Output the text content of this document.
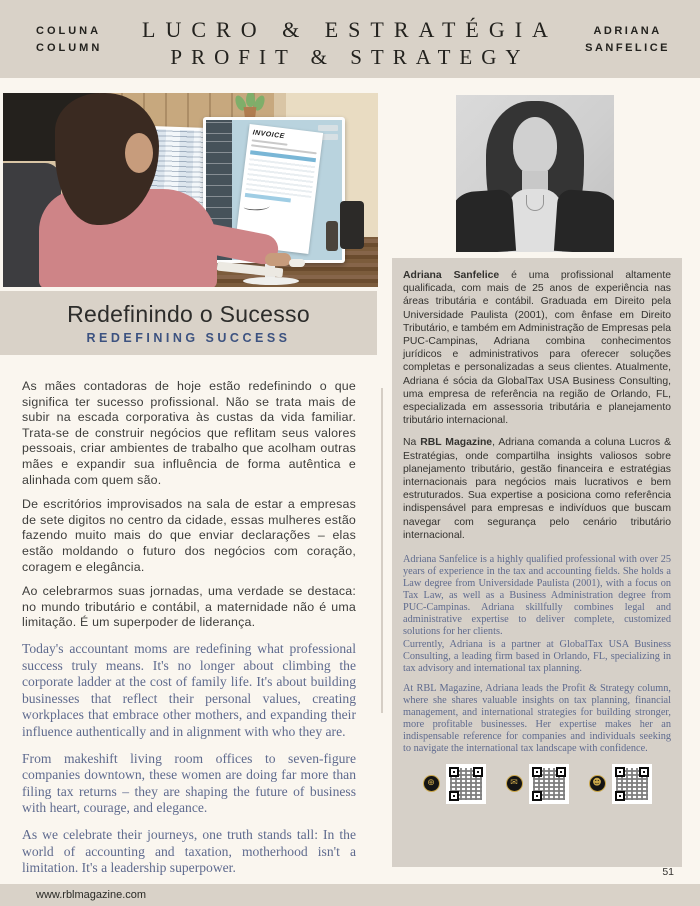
COLUNA
COLUMN
LUCRO & ESTRATÉGIA
PROFIT & STRATEGY
ADRIANA
SANFELICE
INVOICE
Redefinindo o Sucesso
REDEFINING SUCCESS

As mães contadoras de hoje estão redefinindo o que significa ter sucesso profissional. Não se trata mais de subir na escada corporativa às custas da vida familiar. Trata-se de construir negócios que reflitam seus valores pessoais, criar ambientes de trabalho que acolham outras mães e expandir sua influência de forma autêntica e alinhada com quem são.

De escritórios improvisados na sala de estar a empresas de sete digitos no centro da cidade, essas mulheres estão fazendo muito mais do que enviar declarações – elas estão moldando o futuro dos negócios com coração, coragem e elegância.

Ao celebrarmos suas jornadas, uma verdade se destaca: no mundo tributário e contábil, a maternidade não é uma limitação. É um superpoder de liderança.

Today's accountant moms are redefining what professional success truly means. It's no longer about climbing the corporate ladder at the cost of family life. It's about building businesses that reflect their personal values, creating workplaces that embrace other mothers, and expanding their influence authentically and in alignment with who they are.

From makeshift living room offices to seven-figure companies downtown, these women are doing far more than filing tax returns – they are shaping the future of business with heart, courage, and elegance.

As we celebrate their journeys, one truth stands tall: In the world of accounting and taxation, motherhood isn't a limitation. It's a leadership superpower.

Adriana Sanfelice é uma profissional altamente qualificada, com mais de 25 anos de experiência nas áreas tributária e contábil. Graduada em Direito pela Universidade Paulista (2001), com ênfase em Direito Tributário, e também em Administração de Empresas pela PUC-Campinas, Adriana combina conhecimentos jurídicos e administrativos para oferecer soluções completas e personalizadas a seus clientes. Atualmente, Adriana é sócia da GlobalTax USA Business Consulting, uma empresa de referência na região de Orlando, FL, especializada em assessoria tributária e planejamento tributário internacional.

Na RBL Magazine, Adriana comanda a coluna Lucros & Estratégias, onde compartilha insights valiosos sobre planejamento tributário, gestão financeira e estratégias internacionais para negócios mais lucrativos e bem estruturados. Sua expertise a posiciona como referência indispensável para empresas e indivíduos que buscam navegar com segurança pelo cenário tributário internacional.

Adriana Sanfelice is a highly qualified professional with over 25 years of experience in the tax and accounting fields. She holds a Law degree from Universidade Paulista (2001), with a focus on Tax Law, as well as a Business Administration degree from PUC-Campinas. Adriana skillfully combines legal and administrative expertise to deliver complete, customized solutions for her clients.

Currently, Adriana is a partner at GlobalTax USA Business Consulting, a leading firm based in Orlando, FL, specializing in tax advisory and international tax planning.

At RBL Magazine, Adriana leads the Profit & Strategy column, where she shares valuable insights on tax planning, financial management, and international strategies for building stronger, more profitable businesses. Her expertise makes her an indispensable reference for companies and individuals seeking to navigate the international tax landscape with confidence.

⊕	✉	☻
51
www.rblmagazine.com
